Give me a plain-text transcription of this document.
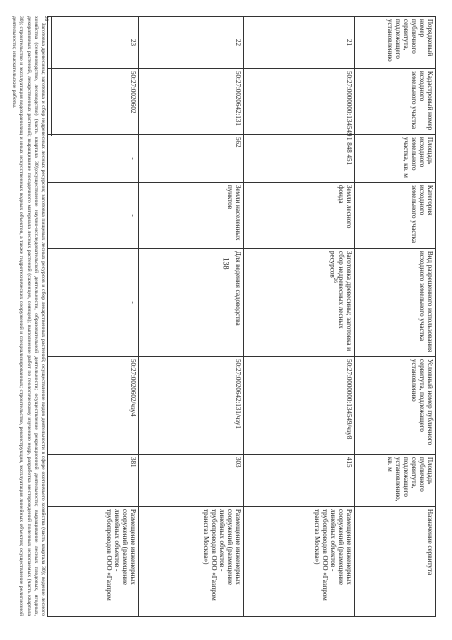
138
Порядковый номер публичного сервитута, подлежащего установлению	Кадастровый номер исходного земельного участка	Площадь исходного земельного участка, кв. м	Категория исходного земельного участка	Вид разрешенного использования исходного земельного участка	Условный номер публичного сервитута, подлежащего установлению	Площадь публичного сервитута, подлежащего установлению, кв. м	Назначение сервитута
21	50:27:0000000:134549	1 848 451	Земли лесного фонда	Заготовка древесины; заготовка и сбор недревесных лесных ресурсов$^{26}$	50:27:0000000:134549/чзу8	415	Размещение инженерных сооружений (размещение линейных объектов - трубопроводов ООО «Газпром трансгаз Москва»)
22	50:27:0020642:131	562	Земли населенных пунктов	Для ведения садоводства	50:27:0020642:131/чзу1	303	Размещение инженерных сооружений (размещение линейных объектов - трубопроводов ООО «Газпром трансгаз Москва»)
23	50:27:0020602	-	-	-	50:27:0020602/чзу4	381	Размещение инженерных сооружений (размещение линейных объектов - трубопроводов ООО «Газпром
26 Заготовка древесины; заготовка и сбор недревесных лесных ресурсов; заготовка пищевых лесных ресурсов и сбор лекарственных растений; осуществление видов деятельности в сфере охотничьего хозяйства (часть квартала 30); ведение лесного хозяйства (семеноводство, лесоводство) (часть квартала 30);осуществление научно-исследовательской деятельности, образовательной деятельности; осуществление рекреационной деятельности; выращивание лесных плодовых, ягодных, декоративных растений, лекарственных растений; выращивание посадочного материала лесных растений (саженцев, сеянцев); выполнение работ по геологическому изучению недр, разработка месторождений полезных ископаемых (часть квартала 30); строительство и эксплуатация водохранилищ и иных искусственных водных объектов, а также гидротехнических сооружений и специализированных; строительство, реконструкция, эксплуатация линейных объектов; осуществление религиозной деятельности; изыскательские работы.
